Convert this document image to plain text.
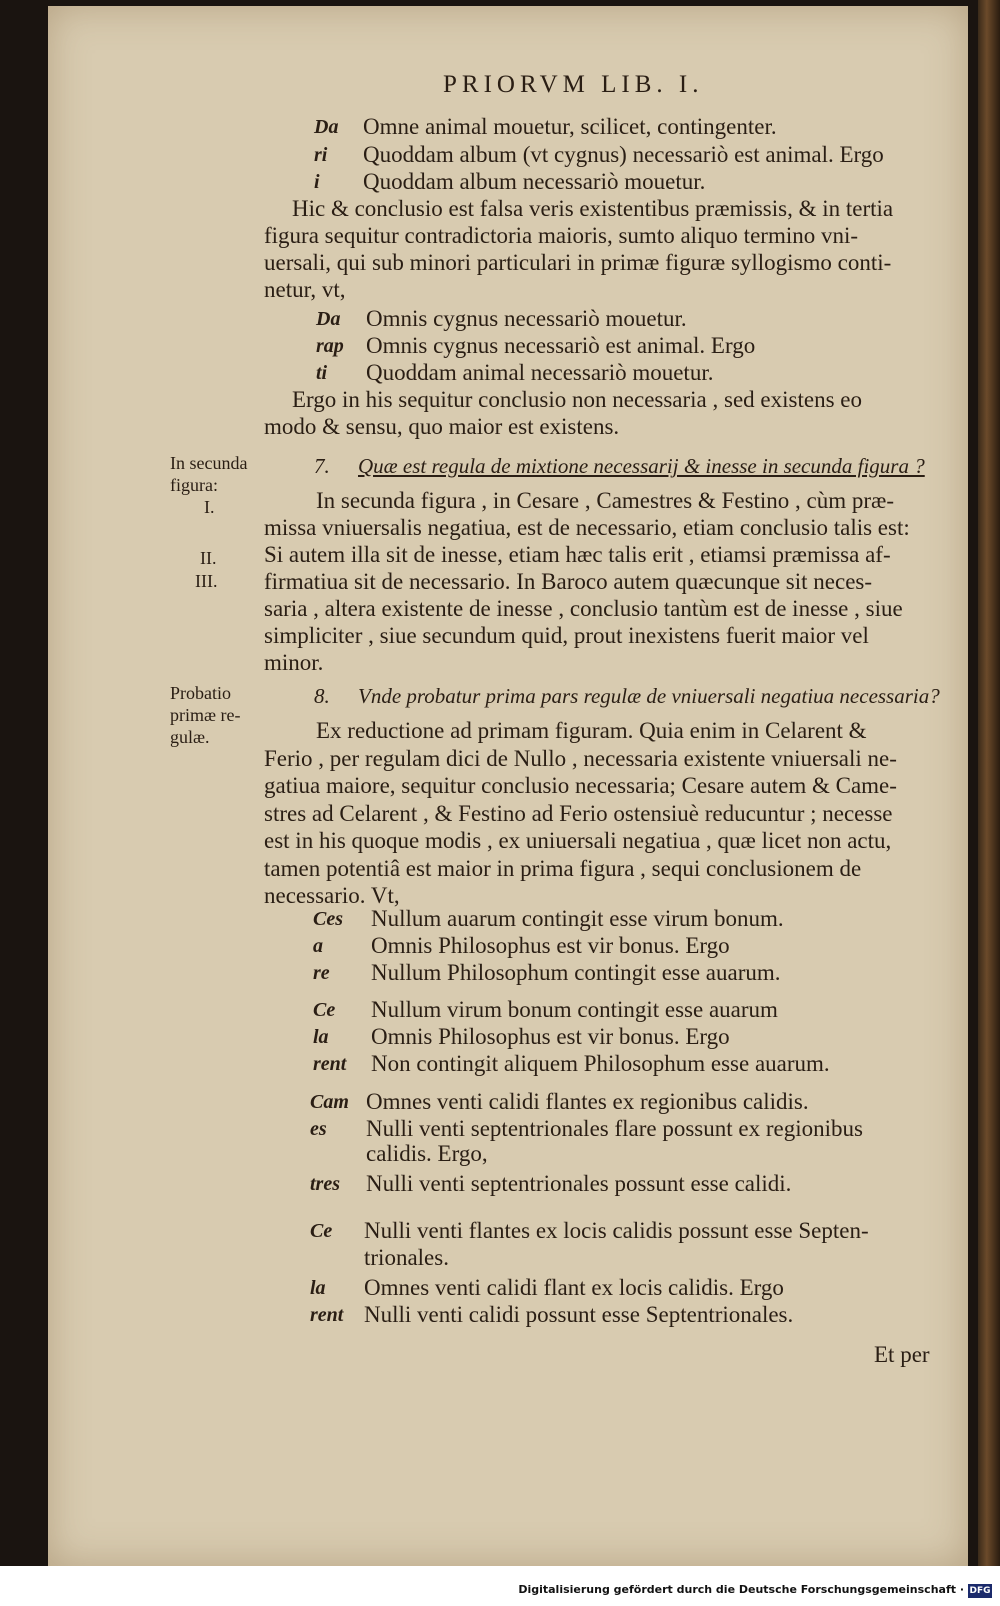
PRIORVM LIB. I.
Da Omne animal mouetur, scilicet, contingenter.
ri Quoddam album (vt cygnus) necessariò est animal. Ergo
i Quoddam album necessariò mouetur.
Hic & conclusio est falsa veris existentibus præmissis, & in tertia
figura sequitur contradictoria maioris, sumto aliquo termino vni-
uersali, qui sub minori particulari in primæ figuræ syllogismo conti-
netur, vt,
Da Omnis cygnus necessariò mouetur.
rap Omnis cygnus necessariò est animal. Ergo
ti Quoddam animal necessariò mouetur.
Ergo in his sequitur conclusio non necessaria , sed existens eo
modo & sensu, quo maior est existens.
In secunda
figura:
I.
II.
III.
7. Quæ est regula de mixtione necessarij & inesse in secunda figura ?
In secunda figura , in Cesare , Camestres & Festino , cùm præ-
missa vniuersalis negatiua, est de necessario, etiam conclusio talis est:
Si autem illa sit de inesse, etiam hæc talis erit , etiamsi præmissa af-
firmatiua sit de necessario. In Baroco autem quæcunque sit neces-
saria , altera existente de inesse , conclusio tantùm est de inesse , siue
simpliciter , siue secundum quid, prout inexistens fuerit maior vel
minor.
Probatio
primæ re-
gulæ.
8. Vnde probatur prima pars regulæ de vniuersali negatiua necessaria?
Ex reductione ad primam figuram. Quia enim in Celarent &
Ferio , per regulam dici de Nullo , necessaria existente vniuersali ne-
gatiua maiore, sequitur conclusio necessaria; Cesare autem & Came-
stres ad Celarent , & Festino ad Ferio ostensiuè reducuntur ; necesse
est in his quoque modis , ex uniuersali negatiua , quæ licet non actu,
tamen potentiâ est maior in prima figura , sequi conclusionem de
necessario. Vt,
Ces Nullum auarum contingit esse virum bonum.
a Omnis Philosophus est vir bonus. Ergo
re Nullum Philosophum contingit esse auarum.
Ce Nullum virum bonum contingit esse auarum
la Omnis Philosophus est vir bonus. Ergo
rent Non contingit aliquem Philosophum esse auarum.
Cam Omnes venti calidi flantes ex regionibus calidis.
es Nulli venti septentrionales flare possunt ex regionibus
calidis. Ergo,
tres Nulli venti septentrionales possunt esse calidi.
Ce Nulli venti flantes ex locis calidis possunt esse Septen-
trionales.
la Omnes venti calidi flant ex locis calidis. Ergo
rent Nulli venti calidi possunt esse Septentrionales.
Et per
Digitalisierung gefördert durch die Deutsche Forschungsgemeinschaft · DFG
